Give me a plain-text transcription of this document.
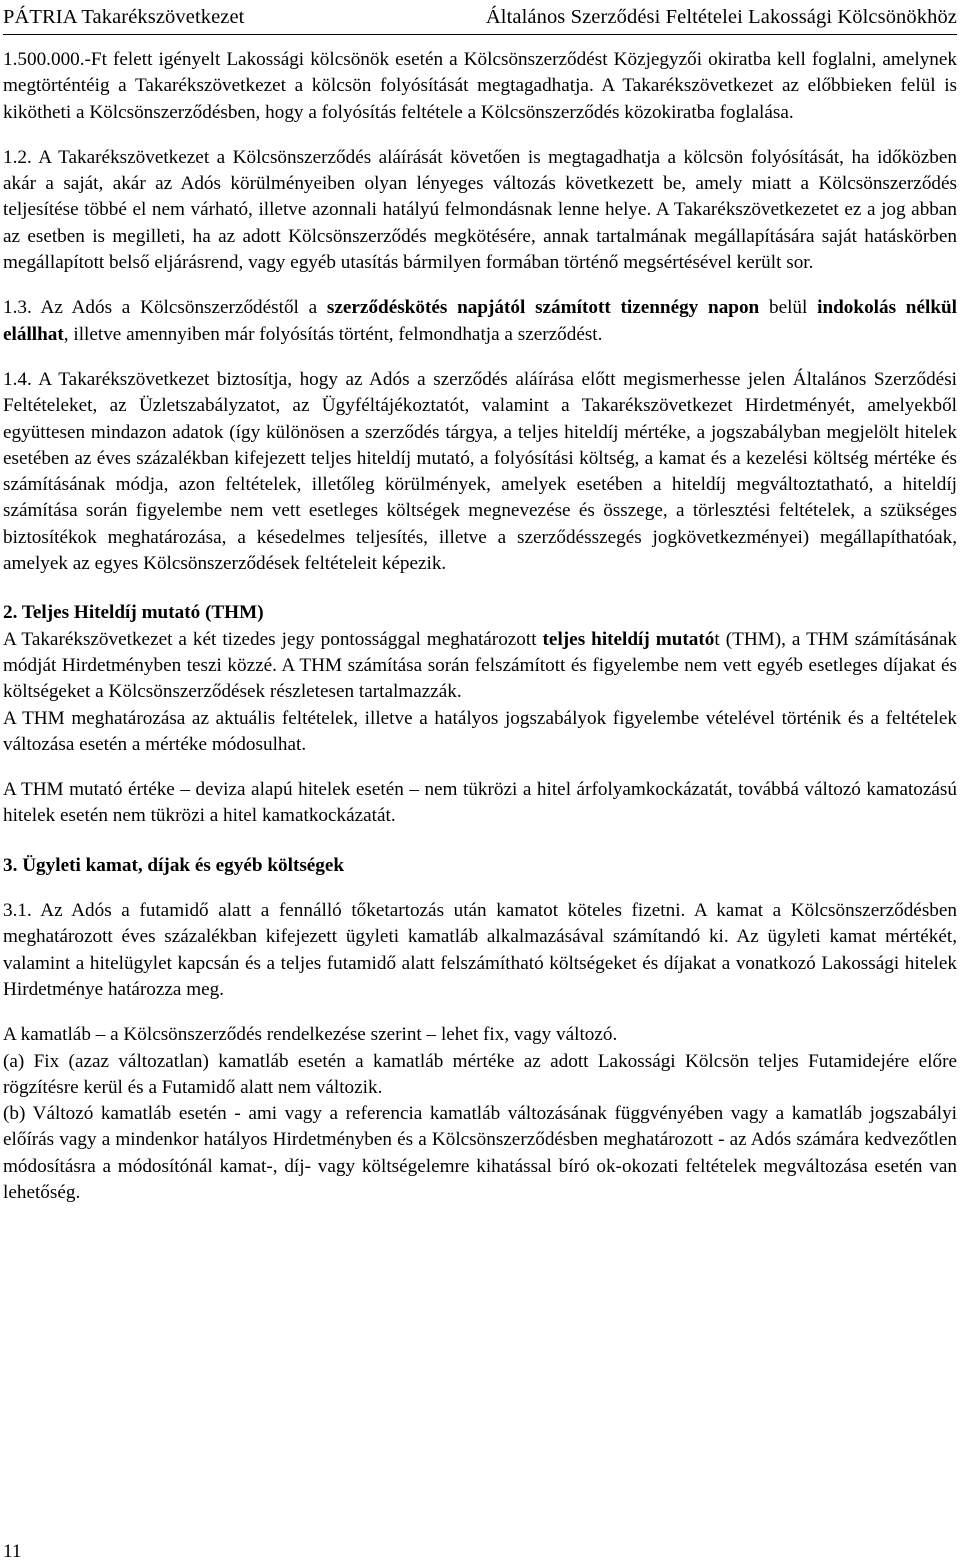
PÁTRIA Takarékszövetkezet	Általános Szerződési Feltételei Lakossági Kölcsönökhöz

1.500.000.-Ft felett igényelt Lakossági kölcsönök esetén a Kölcsönszerződést Közjegyzői okiratba kell foglalni, amelynek megtörténtéig a Takarékszövetkezet a kölcsön folyósítását megtagadhatja. A Takarékszövetkezet az előbbieken felül is kikötheti a Kölcsönszerződésben, hogy a folyósítás feltétele a Kölcsönszerződés közokiratba foglalása.

1.2. A Takarékszövetkezet a Kölcsönszerződés aláírását követően is megtagadhatja a kölcsön folyósítását, ha időközben akár a saját, akár az Adós körülményeiben olyan lényeges változás következett be, amely miatt a Kölcsönszerződés teljesítése többé el nem várható, illetve azonnali hatályú felmondásnak lenne helye. A Takarékszövetkezetet ez a jog abban az esetben is megilleti, ha az adott Kölcsönszerződés megkötésére, annak tartalmának megállapítására saját hatáskörben megállapított belső eljárásrend, vagy egyéb utasítás bármilyen formában történő megsértésével került sor.

1.3. Az Adós a Kölcsönszerződéstől a szerződéskötés napjától számított tizennégy napon belül indokolás nélkül elállhat, illetve amennyiben már folyósítás történt, felmondhatja a szerződést.

1.4. A Takarékszövetkezet biztosítja, hogy az Adós a szerződés aláírása előtt megismerhesse jelen Általános Szerződési Feltételeket, az Üzletszabályzatot, az Ügyféltájékoztatót, valamint a Takarékszövetkezet Hirdetményét, amelyekből együttesen mindazon adatok (így különösen a szerződés tárgya, a teljes hiteldíj mértéke, a jogszabályban megjelölt hitelek esetében az éves százalékban kifejezett teljes hiteldíj mutató, a folyósítási költség, a kamat és a kezelési költség mértéke és számításának módja, azon feltételek, illetőleg körülmények, amelyek esetében a hiteldíj megváltoztatható, a hiteldíj számítása során figyelembe nem vett esetleges költségek megnevezése és összege, a törlesztési feltételek, a szükséges biztosítékok meghatározása, a késedelmes teljesítés, illetve a szerződésszegés jogkövetkezményei) megállapíthatóak, amelyek az egyes Kölcsönszerződések feltételeit képezik.

2. Teljes Hiteldíj mutató (THM)

A Takarékszövetkezet a két tizedes jegy pontossággal meghatározott teljes hiteldíj mutatót (THM), a THM számításának módját Hirdetményben teszi közzé. A THM számítása során felszámított és figyelembe nem vett egyéb esetleges díjakat és költségeket a Kölcsönszerződések részletesen tartalmazzák.

A THM meghatározása az aktuális feltételek, illetve a hatályos jogszabályok figyelembe vételével történik és a feltételek változása esetén a mértéke módosulhat.

A THM mutató értéke – deviza alapú hitelek esetén – nem tükrözi a hitel árfolyamkockázatát, továbbá változó kamatozású hitelek esetén nem tükrözi a hitel kamatkockázatát.

3. Ügyleti kamat, díjak és egyéb költségek

3.1. Az Adós a futamidő alatt a fennálló tőketartozás után kamatot köteles fizetni. A kamat a Kölcsönszerződésben meghatározott éves százalékban kifejezett ügyleti kamatláb alkalmazásával számítandó ki. Az ügyleti kamat mértékét, valamint a hitelügylet kapcsán és a teljes futamidő alatt felszámítható költségeket és díjakat a vonatkozó Lakossági hitelek Hirdetménye határozza meg.

A kamatláb – a Kölcsönszerződés rendelkezése szerint – lehet fix, vagy változó.

(a) Fix (azaz változatlan) kamatláb esetén a kamatláb mértéke az adott Lakossági Kölcsön teljes Futamidejére előre rögzítésre kerül és a Futamidő alatt nem változik.

(b) Változó kamatláb esetén - ami vagy a referencia kamatláb változásának függvényében vagy a kamatláb jogszabályi előírás vagy a mindenkor hatályos Hirdetményben és a Kölcsönszerződésben meghatározott - az Adós számára kedvezőtlen módosításra a módosítónál kamat-, díj- vagy költségelemre kihatással bíró ok-okozati feltételek megváltozása esetén van lehetőség.

11
